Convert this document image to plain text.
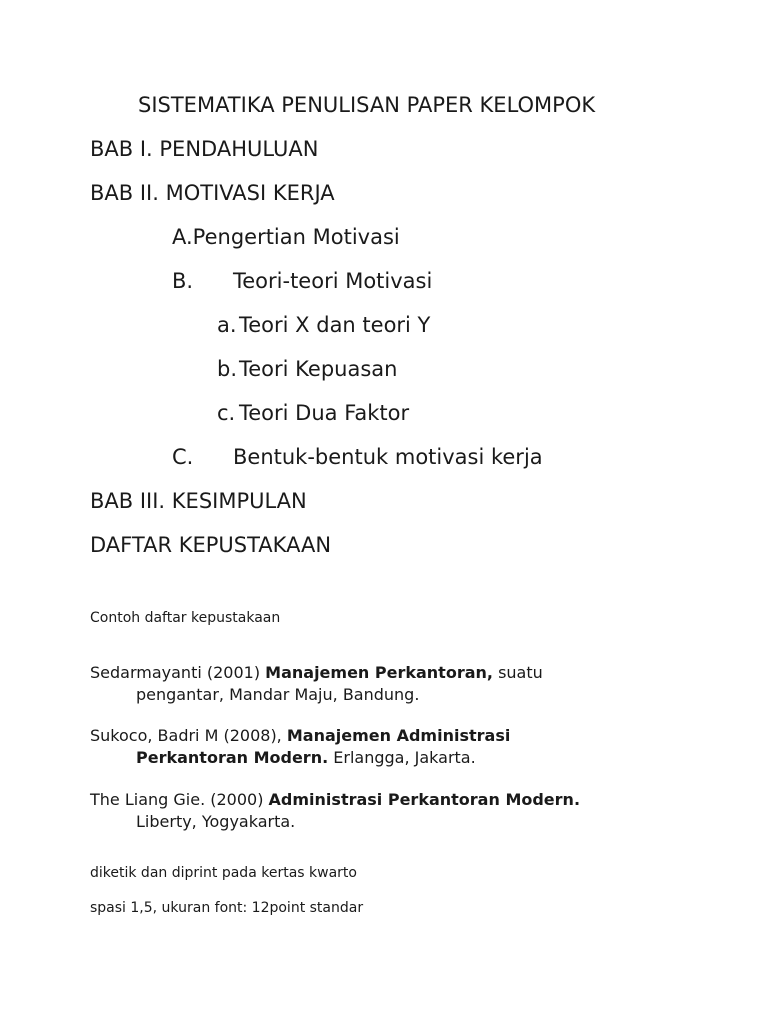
SISTEMATIKA PENULISAN PAPER KELOMPOK
BAB I. PENDAHULUAN
BAB II. MOTIVASI KERJA
A.Pengertian Motivasi
B. Teori-teori Motivasi
a. Teori X dan teori Y
b.Teori Kepuasan
c. Teori Dua Faktor
C. Bentuk-bentuk motivasi kerja
BAB III. KESIMPULAN
DAFTAR KEPUSTAKAAN
Contoh daftar kepustakaan
Sedarmayanti (2001) Manajemen Perkantoran, suatu
pengantar, Mandar Maju, Bandung.
Sukoco, Badri M (2008), Manajemen Administrasi
Perkantoran Modern. Erlangga, Jakarta.
The Liang Gie. (2000) Administrasi Perkantoran Modern.
Liberty, Yogyakarta.
diketik dan diprint pada kertas kwarto
spasi 1,5, ukuran font: 12point standar
